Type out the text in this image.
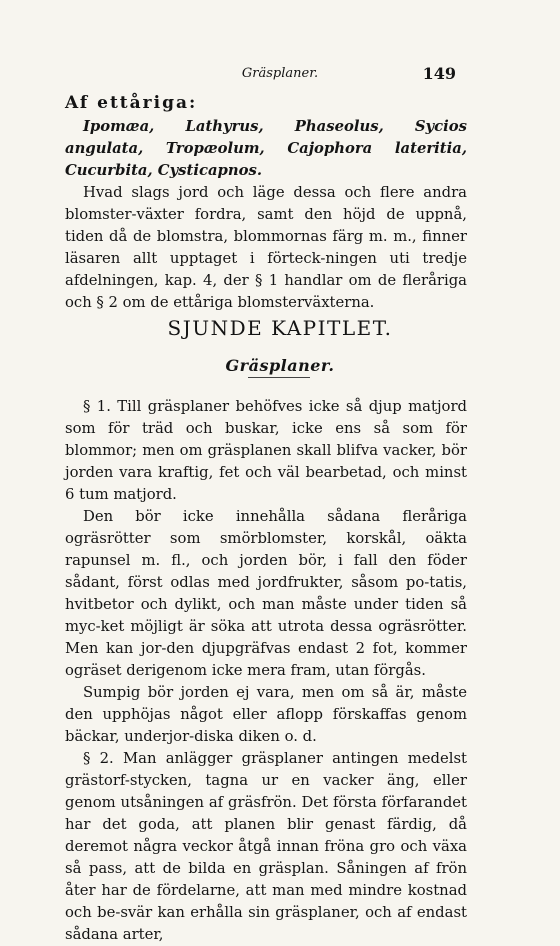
Gräsplaner.	149
Af ettåriga:

Ipomæa, Lathyrus, Phaseolus, Sycios angulata, Tropæolum, Cajophora lateritia, Cucurbita, Cysticapnos.

Hvad slags jord och läge dessa och flere andra blomster-växter fordra, samt den höjd de uppnå, tiden då de blomstra, blommornas färg m. m., finner läsaren allt upptaget i förteck-ningen uti tredje afdelningen, kap. 4, der § 1 handlar om de fleråriga och § 2 om de ettåriga blomsterväxterna.

SJUNDE KAPITLET.
Gräsplaner.

§ 1. Till gräsplaner behöfves icke så djup matjord som för träd och buskar, icke ens så som för blommor; men om gräsplanen skall blifva vacker, bör jorden vara kraftig, fet och väl bearbetad, och minst 6 tum matjord.

Den bör icke innehålla sådana fleråriga ogräsrötter som smörblomster, korskål, oäkta rapunsel m. fl., och jorden bör, i fall den föder sådant, först odlas med jordfrukter, såsom po-tatis, hvitbetor och dylikt, och man måste under tiden så myc-ket möjligt är söka att utrota dessa ogräsrötter. Men kan jor-den djupgräfvas endast 2 fot, kommer ogräset derigenom icke mera fram, utan förgås.

Sumpig bör jorden ej vara, men om så är, måste den upphöjas något eller aflopp förskaffas genom bäckar, underjor-diska diken o. d.

§ 2. Man anlägger gräsplaner antingen medelst grästorf-stycken, tagna ur en vacker äng, eller genom utsåningen af gräsfrön. Det första förfarandet har det goda, att planen blir genast färdig, då deremot några veckor åtgå innan fröna gro och växa så pass, att de bilda en gräsplan. Såningen af frön åter har de fördelarne, att man med mindre kostnad och be-svär kan erhålla sin gräsplaner, och af endast sådana arter,
